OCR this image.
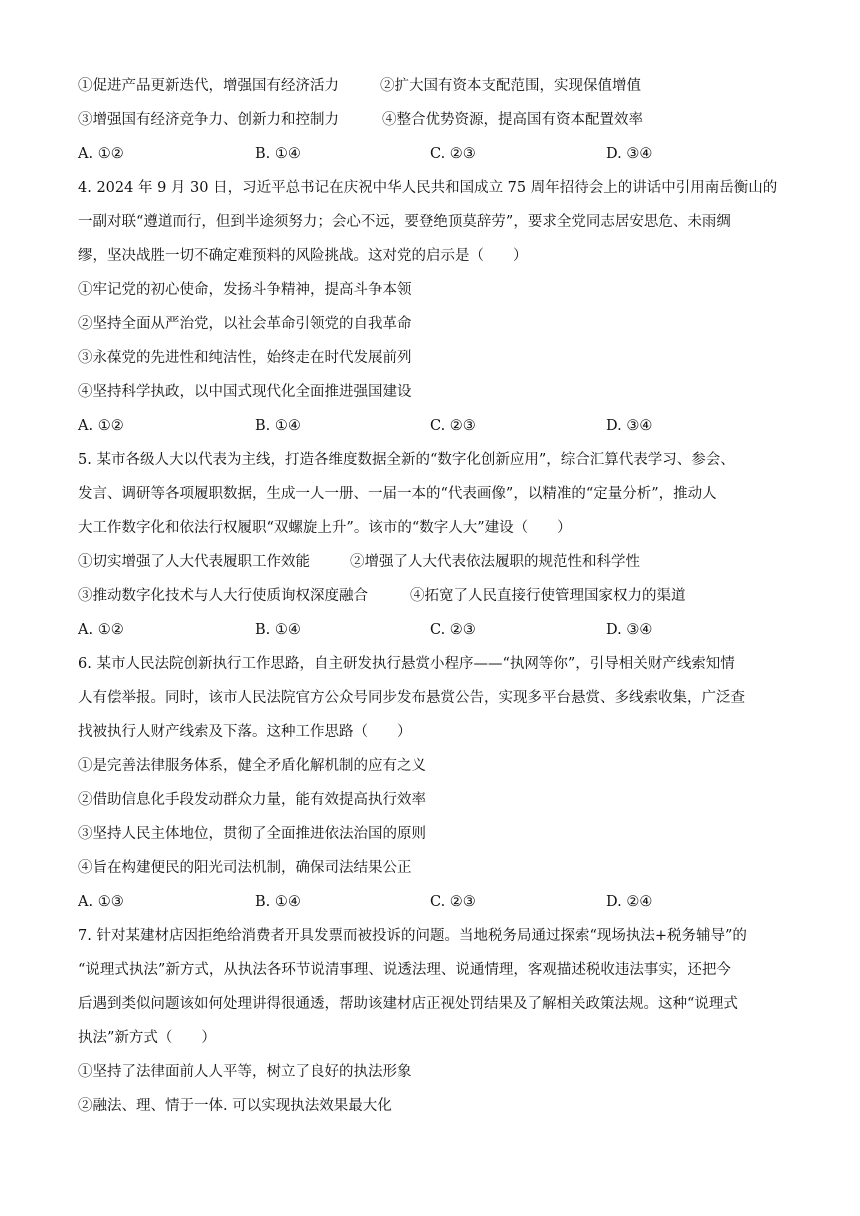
①促进产品更新迭代，增强国有经济活力	②扩大国有资本支配范围，实现保值增值
③增强国有经济竞争力、创新力和控制力	④整合优势资源，提高国有资本配置效率
A. ①②	B. ①④	C. ②③	D. ③④
4. 2024 年 9 月 30 日，习近平总书记在庆祝中华人民共和国成立 75 周年招待会上的讲话中引用南岳衡山的
一副对联“遵道而行，但到半途须努力；会心不远，要登绝顶莫辞劳”，要求全党同志居安思危、未雨绸
缪，坚决战胜一切不确定难预料的风险挑战。这对党的启示是（　　）
①牢记党的初心使命，发扬斗争精神，提高斗争本领
②坚持全面从严治党，以社会革命引领党的自我革命
③永葆党的先进性和纯洁性，始终走在时代发展前列
④坚持科学执政，以中国式现代化全面推进强国建设
A. ①②	B. ①④	C. ②③	D. ③④
5. 某市各级人大以代表为主线，打造各维度数据全新的“数字化创新应用”，综合汇算代表学习、参会、
发言、调研等各项履职数据，生成一人一册、一届一本的“代表画像”，以精准的“定量分析”，推动人
大工作数字化和依法行权履职“双螺旋上升”。该市的“数字人大”建设（　　）
①切实增强了人大代表履职工作效能	②增强了人大代表依法履职的规范性和科学性
③推动数字化技术与人大行使质询权深度融合	④拓宽了人民直接行使管理国家权力的渠道
A. ①②	B. ①④	C. ②③	D. ③④
6. 某市人民法院创新执行工作思路，自主研发执行悬赏小程序——“执网等你”，引导相关财产线索知情
人有偿举报。同时，该市人民法院官方公众号同步发布悬赏公告，实现多平台悬赏、多线索收集，广泛查
找被执行人财产线索及下落。这种工作思路（　　）
①是完善法律服务体系，健全矛盾化解机制的应有之义
②借助信息化手段发动群众力量，能有效提高执行效率
③坚持人民主体地位，贯彻了全面推进依法治国的原则
④旨在构建便民的阳光司法机制，确保司法结果公正
A. ①③	B. ①④	C. ②③	D. ②④
7. 针对某建材店因拒绝给消费者开具发票而被投诉的问题。当地税务局通过探索“现场执法+税务辅导”的
“说理式执法”新方式，从执法各环节说清事理、说透法理、说通情理，客观描述税收违法事实，还把今
后遇到类似问题该如何处理讲得很通透，帮助该建材店正视处罚结果及了解相关政策法规。这种“说理式
执法”新方式（　　）
①坚持了法律面前人人平等，树立了良好的执法形象
②融法、理、情于一体. 可以实现执法效果最大化
